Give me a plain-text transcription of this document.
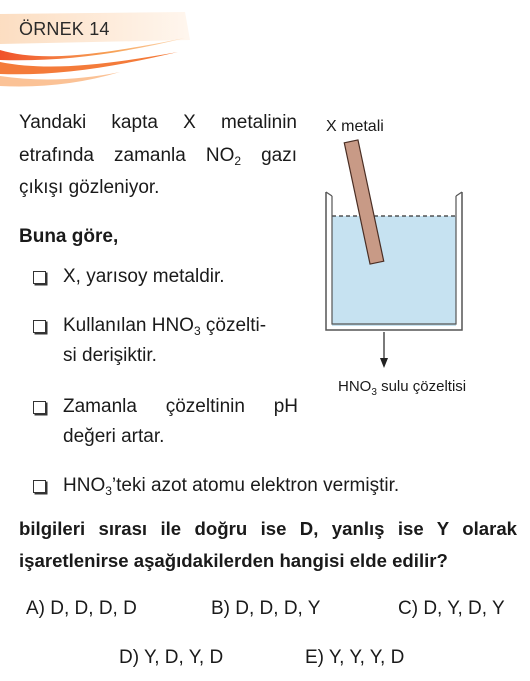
ÖRNEK 14
Yandaki kapta X metalinin
etrafında zamanla $NO_2$ gazı
çıkışı gözleniyor.
Buna göre,
X, yarısoy metaldir.
Kullanılan $HNO_3$ çözelti-
si derişiktir.
Zamanla çözeltinin pH
değeri artar.
$HNO_3’teki$ azot atomu elektron vermiştir.
bilgileri sırası ile doğru ise D, yanlış ise Y olarak
işaretlenirse aşağıdakilerden hangisi elde edilir?
A) D, D, D, D	B) D, D, D, Y	C) D, Y, D, Y
D) Y, D, Y, D	E) Y, Y, Y, D
X metali
$HNO_3$ sulu çözeltisi
